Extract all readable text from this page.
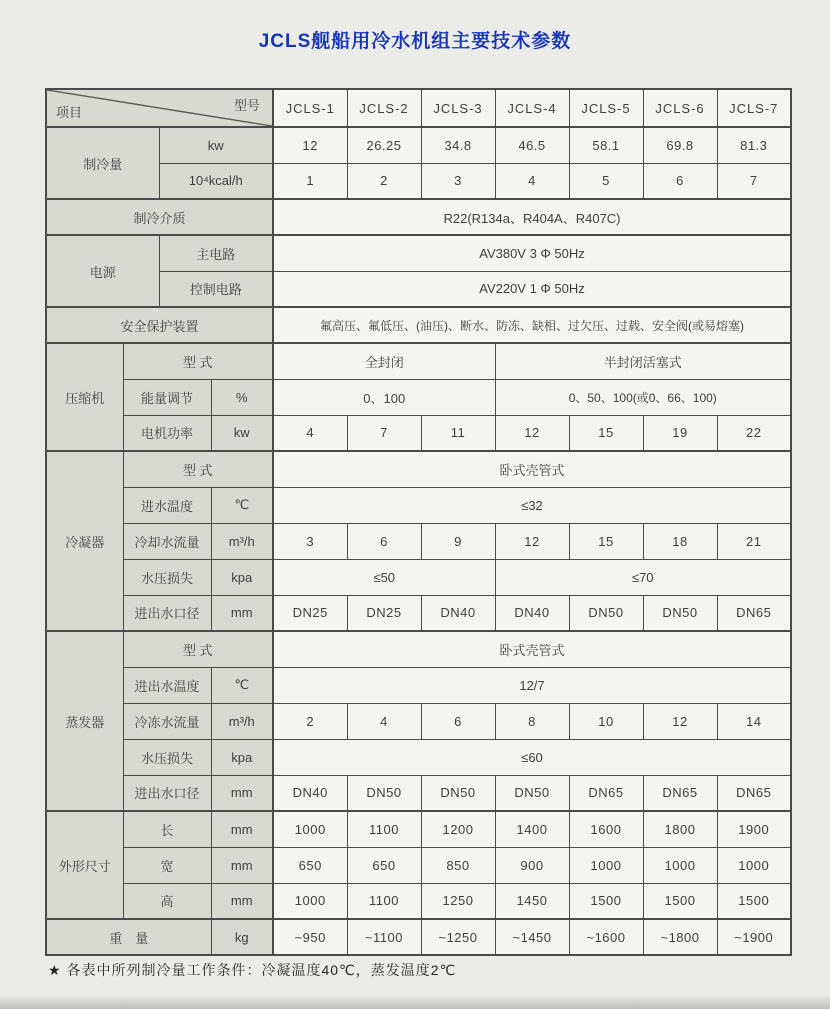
JCLS舰船用冷水机组主要技术参数
项目 型号				JCLS-1	JCLS-2	JCLS-3	JCLS-4	JCLS-5	JCLS-6	JCLS-7
制冷量		kw		12	26.25	34.8	46.5	58.1	69.8	81.3
		10⁴kcal/h		1	2	3	4	5	6	7
制冷介质				R22(R134a、R404A、R407C)						
电源		主电路		AV380V 3 Φ 50Hz						
		控制电路		AV220V 1 Φ 50Hz						
安全保护装置				氟高压、氟低压、(油压)、断水、防冻、缺相、过欠压、过载、安全阀(或易熔塞)						
压缩机	型 式			全封闭			半封闭活塞式			
	能量调节		%	0、100			0、50、100(或0、66、100)			
	电机功率		kw	4	7	11	12	15	19	22
冷凝器	型 式			卧式壳管式						
	进水温度		℃	≤32						
	冷却水流量		m³/h	3	6	9	12	15	18	21
	水压损失		kpa	≤50			≤70			
	进出水口径		mm	DN25	DN25	DN40	DN40	DN50	DN50	DN65
蒸发器	型 式			卧式壳管式						
	进出水温度		℃	12/7						
	冷冻水流量		m³/h	2	4	6	8	10	12	14
	水压损失		kpa	≤60						
	进出水口径		mm	DN40	DN50	DN50	DN50	DN65	DN65	DN65
外形尺寸	长		mm	1000	1100	1200	1400	1600	1800	1900
	宽		mm	650	650	850	900	1000	1000	1000
	高		mm	1000	1100	1250	1450	1500	1500	1500
重　量			kg	~950	~1100	~1250	~1450	~1600	~1800	~1900

★ 各表中所列制冷量工作条件：冷凝温度40℃，蒸发温度2℃
